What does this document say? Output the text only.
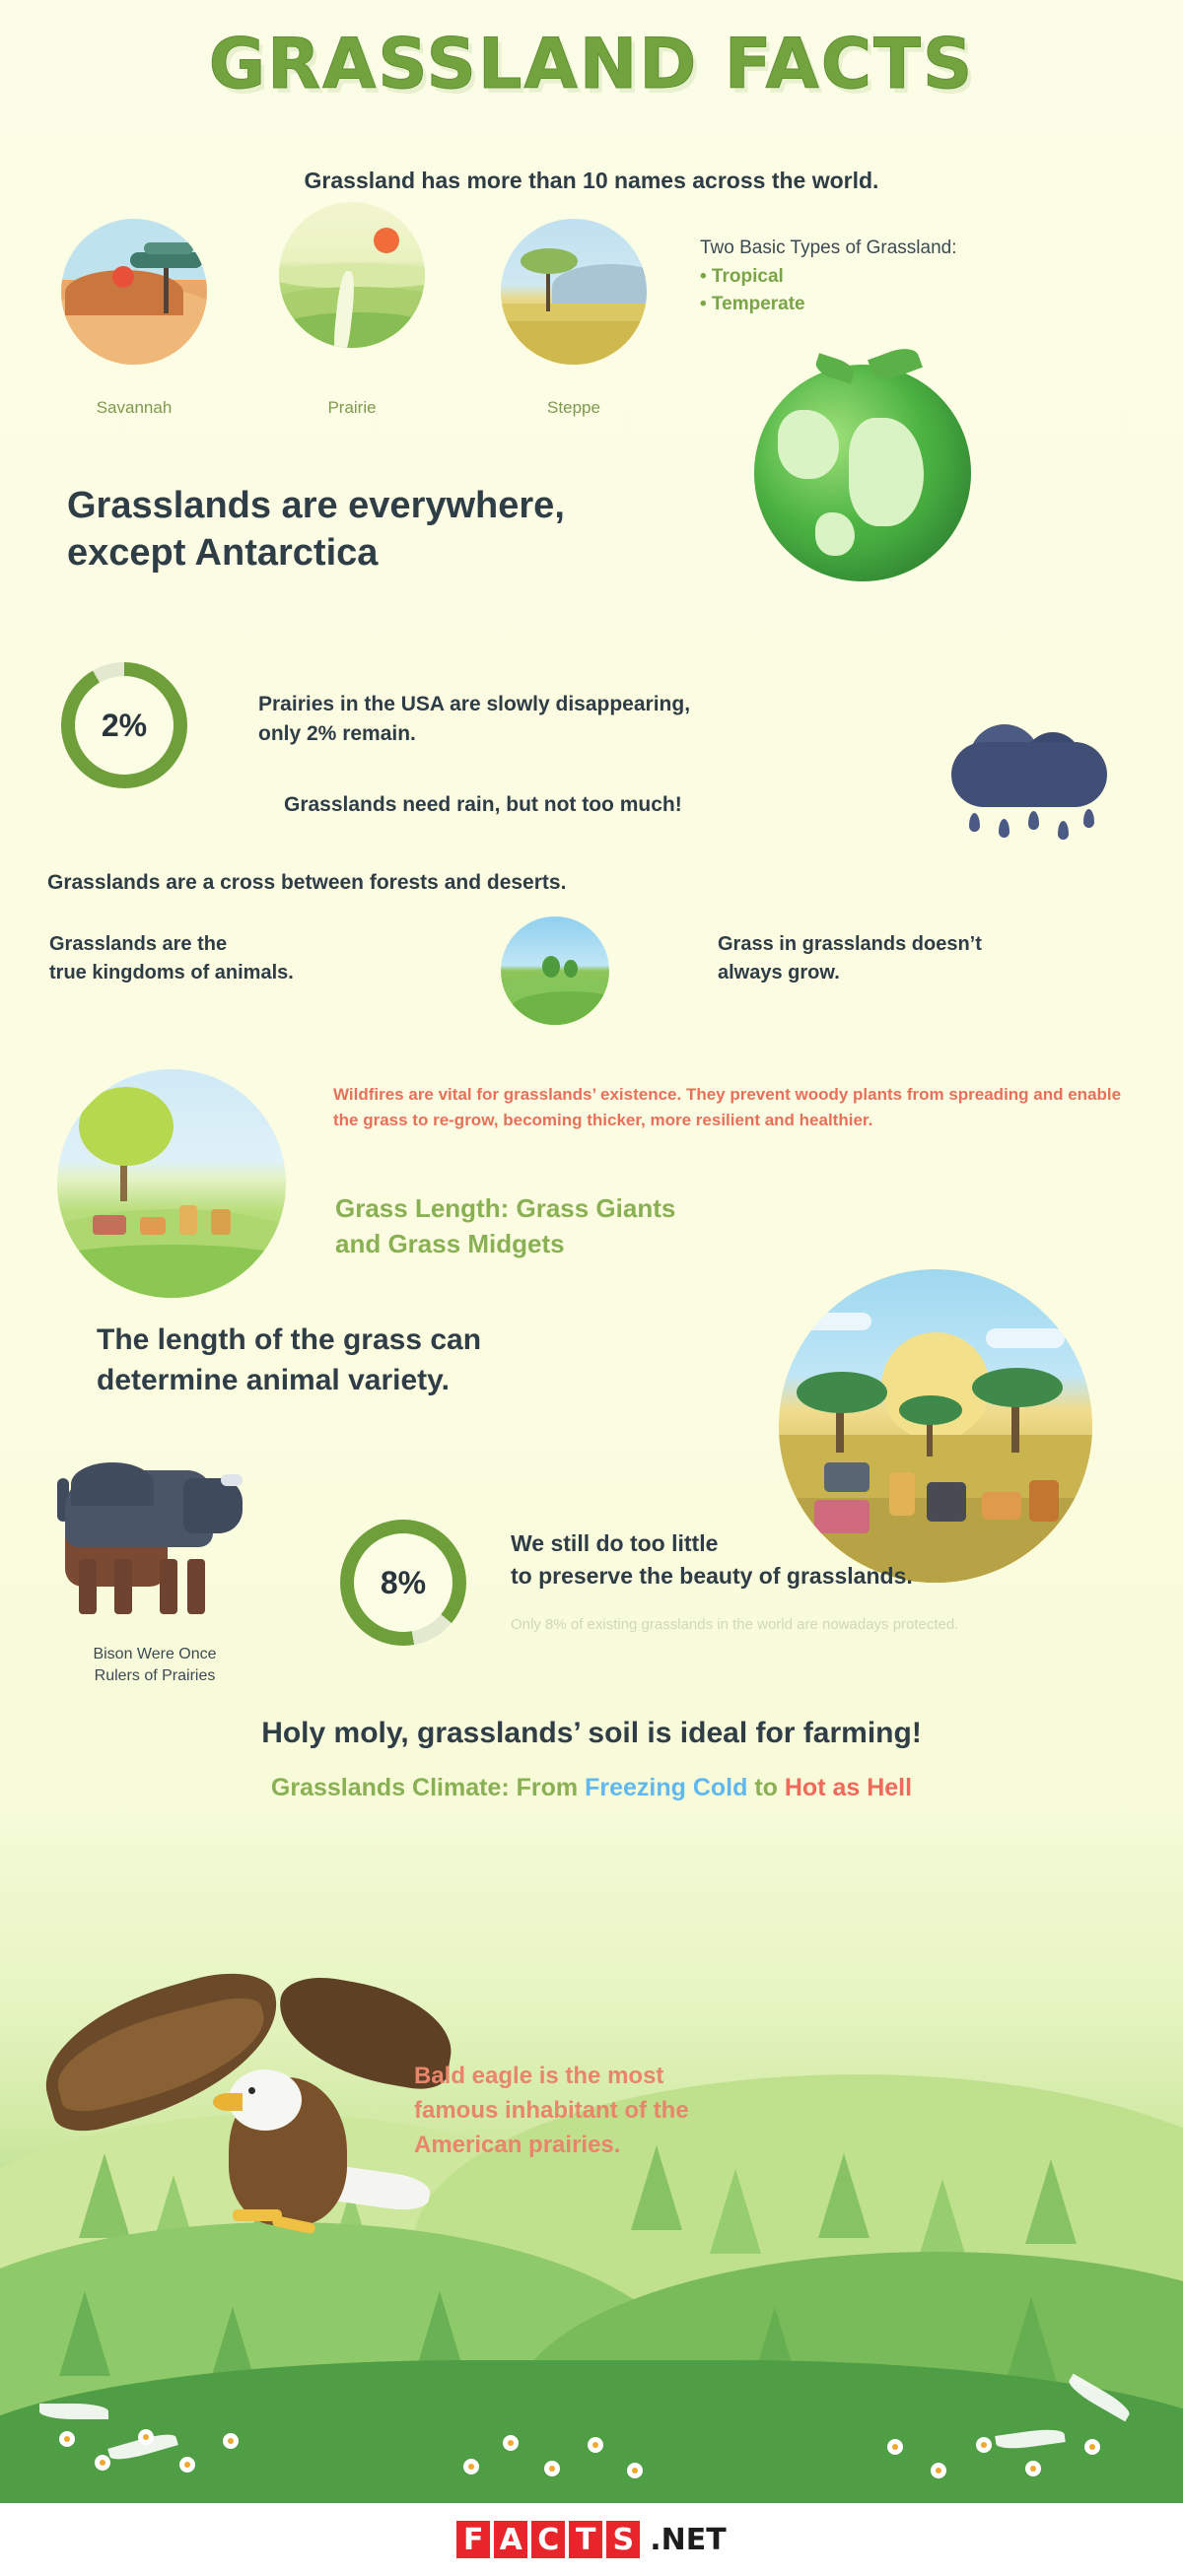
GRASSLAND FACTS
Grassland has more than 10 names across the world.
Savannah	Prairie	Steppe
Two Basic Types of Grassland:
• Tropical
• Temperate
Grasslands are everywhere,
except Antarctica
2%
Prairies in the USA are slowly disappearing,
only 2% remain.
Grasslands need rain, but not too much!
Grasslands are a cross between forests and deserts.
Grasslands are the
true kingdoms of animals.
Grass in grasslands doesn’t
always grow.
Wildfires are vital for grasslands’ existence. They prevent woody plants from spreading and enable the grass to re-grow, becoming thicker, more resilient and healthier.
Grass Length: Grass Giants
and Grass Midgets
The length of the grass can
determine animal variety.
Bison Were Once
Rulers of Prairies
8%
We still do too little
to preserve the beauty of grasslands.
Only 8% of existing grasslands in the world are nowadays protected.
Holy moly, grasslands’ soil is ideal for farming!
Grasslands Climate: From Freezing Cold to Hot as Hell
Bald eagle is the most
famous inhabitant of the
American prairies.
F A C T S .NET
